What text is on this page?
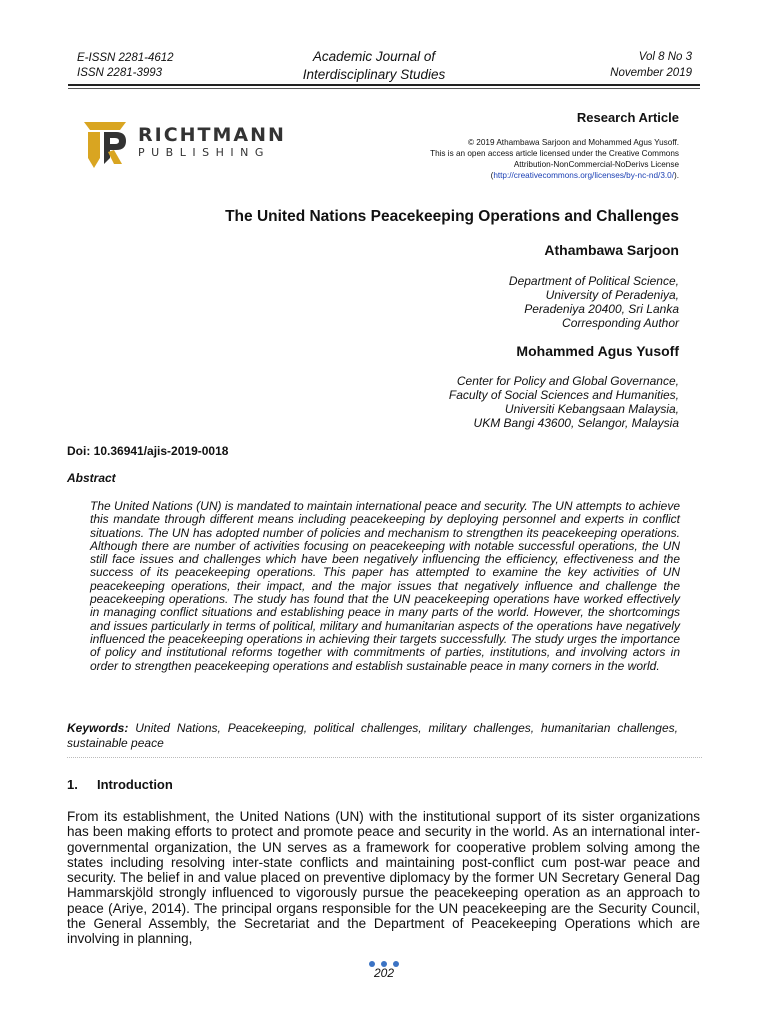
E-ISSN 2281-4612
ISSN 2281-3993
Academic Journal of
Interdisciplinary Studies
Vol 8 No 3
November 2019
Research Article
RICHTMANN
PUBLISHING
© 2019 Athambawa Sarjoon and Mohammed Agus Yusoff.
This is an open access article licensed under the Creative Commons
Attribution-NonCommercial-NoDerivs License
(http://creativecommons.org/licenses/by-nc-nd/3.0/).
The United Nations Peacekeeping Operations and Challenges
Athambawa Sarjoon
Department of Political Science,
University of Peradeniya,
Peradeniya 20400, Sri Lanka
Corresponding Author
Mohammed Agus Yusoff
Center for Policy and Global Governance,
Faculty of Social Sciences and Humanities,
Universiti Kebangsaan Malaysia,
UKM Bangi 43600, Selangor, Malaysia
Doi: 10.36941/ajis-2019-0018
Abstract

The United Nations (UN) is mandated to maintain international peace and security. The UN attempts to achieve this mandate through different means including peacekeeping by deploying personnel and experts in conflict situations. The UN has adopted number of policies and mechanism to strengthen its peacekeeping operations. Although there are number of activities focusing on peacekeeping with notable successful operations, the UN still face issues and challenges which have been negatively influencing the efficiency, effectiveness and the success of its peacekeeping operations. This paper has attempted to examine the key activities of UN peacekeeping operations, their impact, and the major issues that negatively influence and challenge the peacekeeping operations. The study has found that the UN peacekeeping operations have worked effectively in managing conflict situations and establishing peace in many parts of the world. However, the shortcomings and issues particularly in terms of political, military and humanitarian aspects of the operations have negatively influenced the peacekeeping operations in achieving their targets successfully. The study urges the importance of policy and institutional reforms together with commitments of parties, institutions, and involving actors in order to strengthen peacekeeping operations and establish sustainable peace in many corners in the world.

Keywords: United Nations, Peacekeeping, political challenges, military challenges, humanitarian challenges, sustainable peace

1. Introduction

From its establishment, the United Nations (UN) with the institutional support of its sister organizations has been making efforts to protect and promote peace and security in the world. As an international inter-governmental organization, the UN serves as a framework for cooperative problem solving among the states including resolving inter-state conflicts and maintaining post-conflict cum post-war peace and security. The belief in and value placed on preventive diplomacy by the former UN Secretary General Dag Hammarskjöld strongly influenced to vigorously pursue the peacekeeping operation as an approach to peace (Ariye, 2014). The principal organs responsible for the UN peacekeeping are the Security Council, the General Assembly, the Secretariat and the Department of Peacekeeping Operations which are involving in planning,

202
